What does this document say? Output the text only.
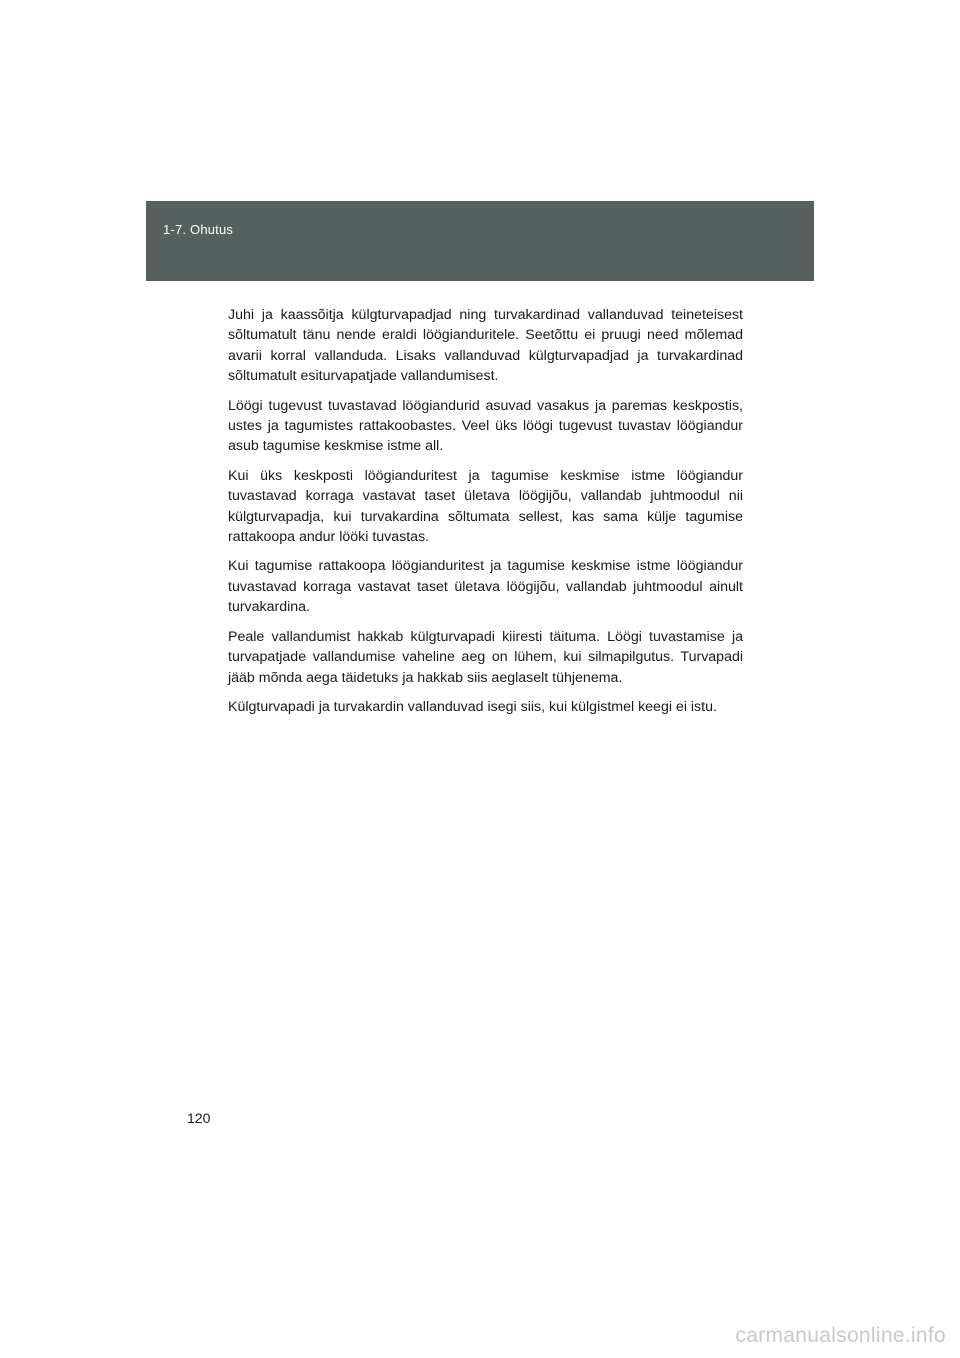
1-7. Ohutus

Juhi ja kaassõitja külgturvapadjad ning turvakardinad vallanduvad teineteisest sõltumatult tänu nende eraldi löögianduritele. Seetõttu ei pruugi need mõlemad avarii korral vallanduda. Lisaks vallanduvad külgturvapadjad ja turvakardinad sõltumatult esiturvapatjade vallandumisest.

Löögi tugevust tuvastavad löögiandurid asuvad vasakus ja paremas keskpostis, ustes ja tagumistes rattakoobastes. Veel üks löögi tugevust tuvastav löögiandur asub tagumise keskmise istme all.

Kui üks keskposti löögianduritest ja tagumise keskmise istme löögiandur tuvastavad korraga vastavat taset ületava löögijõu, vallandab juhtmoodul nii külgturvapadja, kui turvakardina sõltumata sellest, kas sama külje tagumise rattakoopa andur lööki tuvastas.

Kui tagumise rattakoopa löögianduritest ja tagumise keskmise istme löögiandur tuvastavad korraga vastavat taset ületava löögijõu, vallandab juhtmoodul ainult turvakardina.

Peale vallandumist hakkab külgturvapadi kiiresti täituma. Löögi tuvastamise ja turvapatjade vallandumise vaheline aeg on lühem, kui silmapilgutus. Turvapadi jääb mõnda aega täidetuks ja hakkab siis aeglaselt tühjenema.

Külgturvapadi ja turvakardin vallanduvad isegi siis, kui külgistmel keegi ei istu.

120
carmanualsonline.info
